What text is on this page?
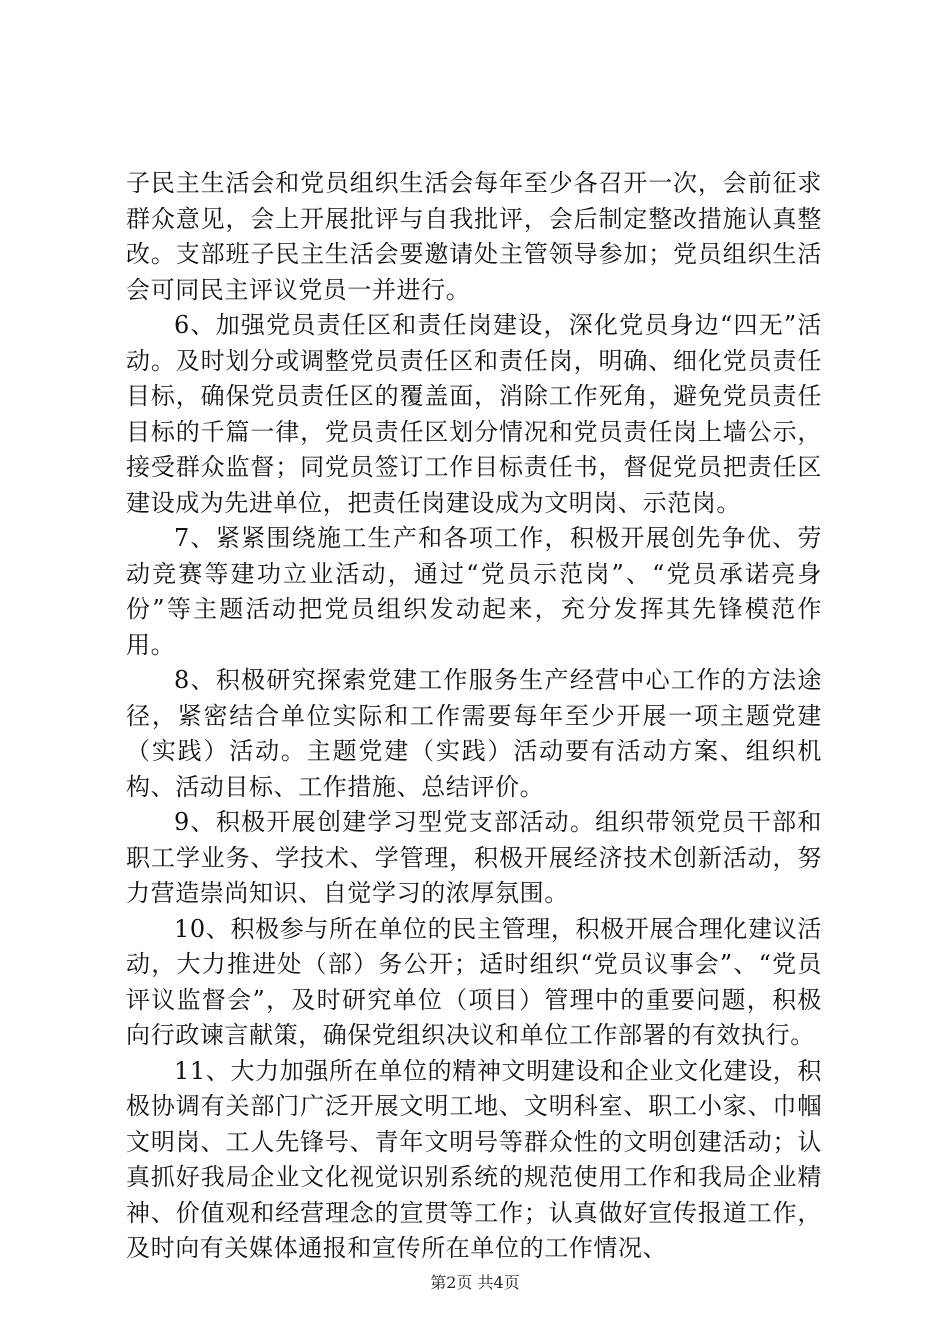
子民主生活会和党员组织生活会每年至少各召开一次，会前征求群众意见，会上开展批评与自我批评，会后制定整改措施认真整改。支部班子民主生活会要邀请处主管领导参加；党员组织生活会可同民主评议党员一并进行。

6、加强党员责任区和责任岗建设，深化党员身边“四无”活动。及时划分或调整党员责任区和责任岗，明确、细化党员责任目标，确保党员责任区的覆盖面，消除工作死角，避免党员责任目标的千篇一律，党员责任区划分情况和党员责任岗上墙公示，接受群众监督；同党员签订工作目标责任书，督促党员把责任区建设成为先进单位，把责任岗建设成为文明岗、示范岗。

7、紧紧围绕施工生产和各项工作，积极开展创先争优、劳动竞赛等建功立业活动，通过“党员示范岗”、“党员承诺亮身份”等主题活动把党员组织发动起来，充分发挥其先锋模范作用。

8、积极研究探索党建工作服务生产经营中心工作的方法途径，紧密结合单位实际和工作需要每年至少开展一项主题党建（实践）活动。主题党建（实践）活动要有活动方案、组织机构、活动目标、工作措施、总结评价。

9、积极开展创建学习型党支部活动。组织带领党员干部和职工学业务、学技术、学管理，积极开展经济技术创新活动，努力营造崇尚知识、自觉学习的浓厚氛围。

10、积极参与所在单位的民主管理，积极开展合理化建议活动，大力推进处（部）务公开；适时组织“党员议事会”、“党员评议监督会”，及时研究单位（项目）管理中的重要问题，积极向行政谏言献策，确保党组织决议和单位工作部署的有效执行。

11、大力加强所在单位的精神文明建设和企业文化建设，积极协调有关部门广泛开展文明工地、文明科室、职工小家、巾帼文明岗、工人先锋号、青年文明号等群众性的文明创建活动；认真抓好我局企业文化视觉识别系统的规范使用工作和我局企业精神、价值观和经营理念的宣贯等工作；认真做好宣传报道工作，及时向有关媒体通报和宣传所在单位的工作情况、

第2页 共4页
